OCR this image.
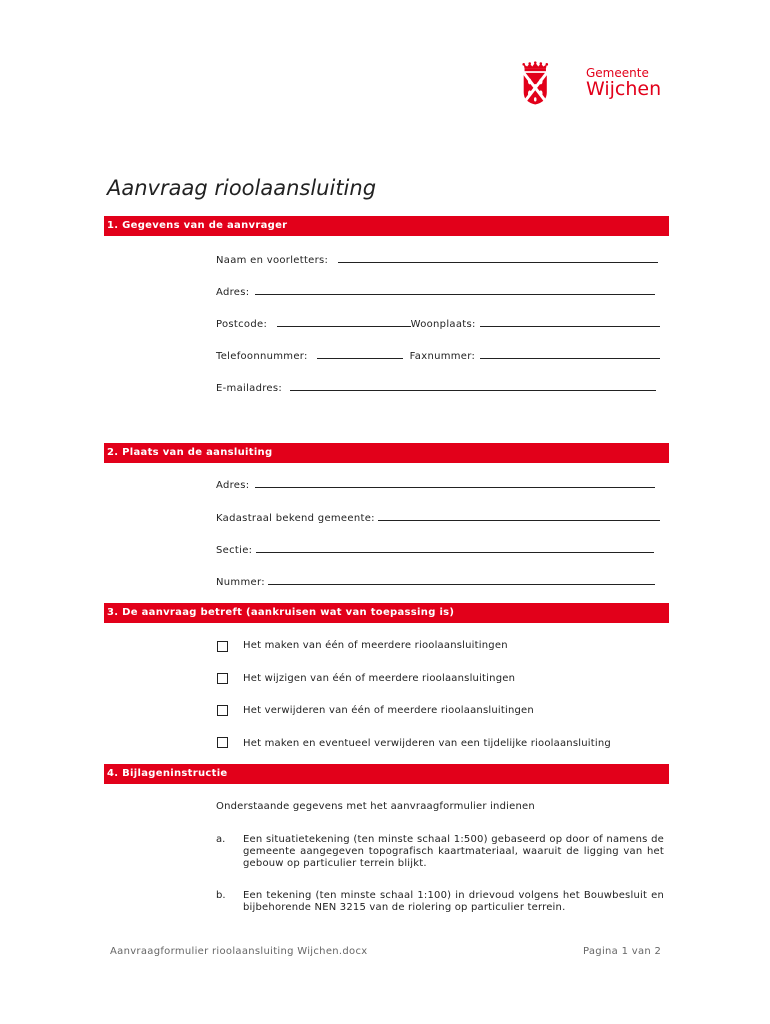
Gemeente
Wijchen
Aanvraag rioolaansluiting
1. Gegevens van de aanvrager
Naam en voorletters:
Adres:
Postcode:	Woonplaats:
Telefoonnummer:	Faxnummer:
E-mailadres:
2. Plaats van de aansluiting
Adres:
Kadastraal bekend gemeente:
Sectie:
Nummer:
3. De aanvraag betreft (aankruisen wat van toepassing is)
Het maken van één of meerdere rioolaansluitingen
Het wijzigen van één of meerdere rioolaansluitingen
Het verwijderen van één of meerdere rioolaansluitingen
Het maken en eventueel verwijderen van een tijdelijke rioolaansluiting
4. Bijlageninstructie
Onderstaande gegevens met het aanvraagformulier indienen
a. Een situatietekening (ten minste schaal 1:500) gebaseerd op door of namens de gemeente aangegeven topografisch kaartmateriaal, waaruit de ligging van het gebouw op particulier terrein blijkt.
b. Een tekening (ten minste schaal 1:100) in drievoud volgens het Bouwbesluit en bijbehorende NEN 3215 van de riolering op particulier terrein.
Aanvraagformulier rioolaansluiting Wijchen.docx	Pagina 1 van 2
